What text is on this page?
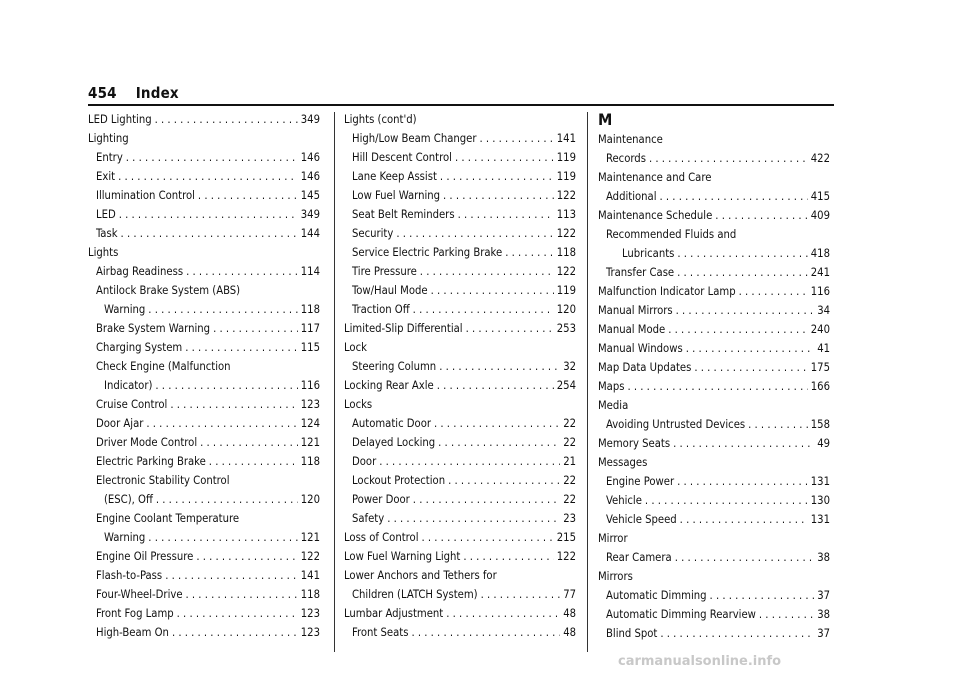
454 Index
LED Lighting . . .	349
Lighting
Entry . . .	146
Exit . . .	146
Illumination Control . . .	145
LED . . .	349
Task . . .	144
Lights
Airbag Readiness . . .	114
Antilock Brake System (ABS)
Warning . . .	118
Brake System Warning . . .	117
Charging System . . .	115
Check Engine (Malfunction
Indicator) . . .	116
Cruise Control . . .	123
Door Ajar . . .	124
Driver Mode Control . . .	121
Electric Parking Brake . . .	118
Electronic Stability Control
(ESC), Off . . .	120
Engine Coolant Temperature
Warning . . .	121
Engine Oil Pressure . . .	122
Flash-to-Pass . . .	141
Four-Wheel-Drive . . .	118
Front Fog Lamp . . .	123
High-Beam On . . .	123
Lights (cont'd)
High/Low Beam Changer . . .	141
Hill Descent Control . . .	119
Lane Keep Assist . . .	119
Low Fuel Warning . . .	122
Seat Belt Reminders . . .	113
Security . . .	122
Service Electric Parking Brake . . .	118
Tire Pressure . . .	122
Tow/Haul Mode . . .	119
Traction Off . . .	120
Limited-Slip Differential . . .	253
Lock
Steering Column . . .	32
Locking Rear Axle . . .	254
Locks
Automatic Door . . .	22
Delayed Locking . . .	22
Door . . .	21
Lockout Protection . . .	22
Power Door . . .	22
Safety . . .	23
Loss of Control . . .	215
Low Fuel Warning Light . . .	122
Lower Anchors and Tethers for
Children (LATCH System) . . .	77
Lumbar Adjustment . . .	48
Front Seats . . .	48
M
Maintenance
Records . . .	422
Maintenance and Care
Additional . . .	415
Maintenance Schedule . . .	409
Recommended Fluids and
Lubricants . . .	418
Transfer Case . . .	241
Malfunction Indicator Lamp . . .	116
Manual Mirrors . . .	34
Manual Mode . . .	240
Manual Windows . . .	41
Map Data Updates . . .	175
Maps . . .	166
Media
Avoiding Untrusted Devices . . .	158
Memory Seats . . .	49
Messages
Engine Power . . .	131
Vehicle . . .	130
Vehicle Speed . . .	131
Mirror
Rear Camera . . .	38
Mirrors
Automatic Dimming . . .	37
Automatic Dimming Rearview . . .	38
Blind Spot . . .	37
carmanualsonline.info
